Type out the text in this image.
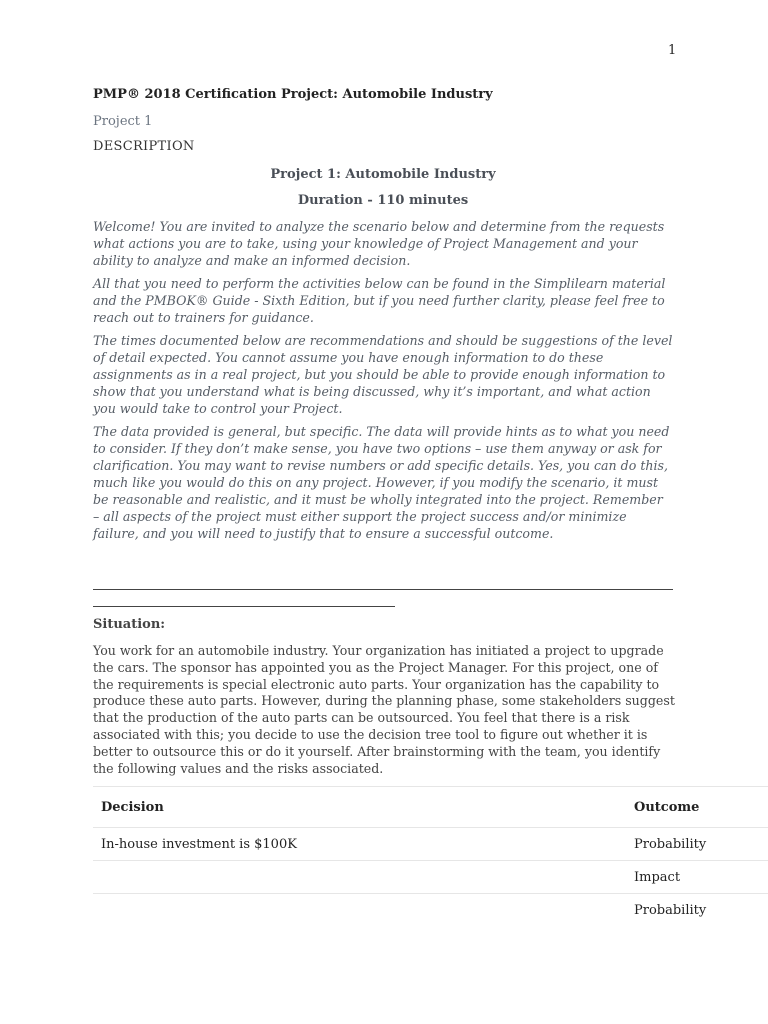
1
PMP® 2018 Certification Project: Automobile Industry
Project 1
DESCRIPTION
Project 1: Automobile Industry
Duration - 110 minutes

Welcome! You are invited to analyze the scenario below and determine from the requests what actions you are to take, using your knowledge of Project Management and your ability to analyze and make an informed decision.

All that you need to perform the activities below can be found in the Simplilearn material and the PMBOK® Guide - Sixth Edition, but if you need further clarity, please feel free to reach out to trainers for guidance.

The times documented below are recommendations and should be suggestions of the level of detail expected. You cannot assume you have enough information to do these assignments as in a real project, but you should be able to provide enough information to show that you understand what is being discussed, why it’s important, and what action you would take to control your Project.

The data provided is general, but specific. The data will provide hints as to what you need to consider. If they don’t make sense, you have two options – use them anyway or ask for clarification. You may want to revise numbers or add specific details. Yes, you can do this, much like you would do this on any project. However, if you modify the scenario, it must be reasonable and realistic, and it must be wholly integrated into the project. Remember – all aspects of the project must either support the project success and/or minimize failure, and you will need to justify that to ensure a successful outcome.

Situation:
You work for an automobile industry. Your organization has initiated a project to upgrade the cars. The sponsor has appointed you as the Project Manager. For this project, one of the requirements is special electronic auto parts. Your organization has the capability to produce these auto parts. However, during the planning phase, some stakeholders suggest that the production of the auto parts can be outsourced. You feel that there is a risk associated with this; you decide to use the decision tree tool to figure out whether it is better to outsource this or do it yourself. After brainstorming with the team, you identify the following values and the risks associated.
Decision	Outcome
In-house investment is $100K	Probability
	Impact
	Probability
